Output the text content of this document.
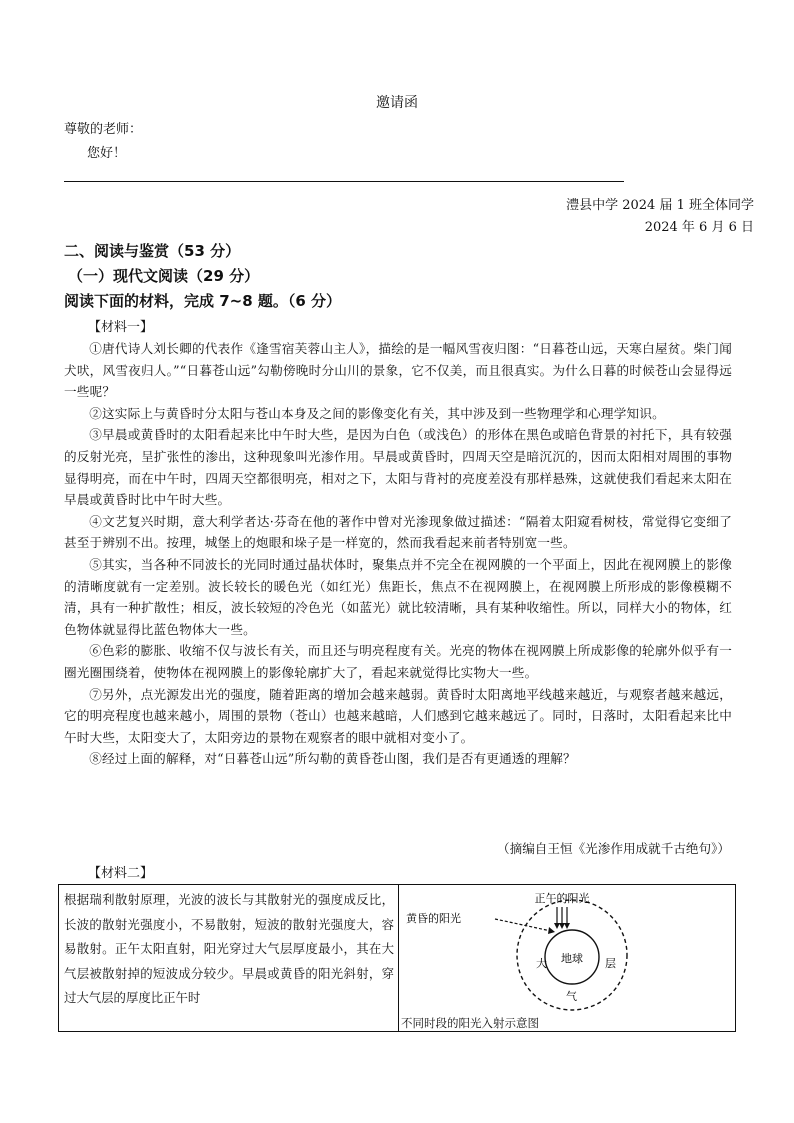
邀请函
尊敬的老师：
您好！
澧县中学 2024 届 1 班全体同学
2024 年 6 月 6 日
二、阅读与鉴赏（53 分）
（一）现代文阅读（29 分）
阅读下面的材料，完成 7~8 题。（6 分）
【材料一】

①唐代诗人刘长卿的代表作《逢雪宿芙蓉山主人》，描绘的是一幅风雪夜归图：“日暮苍山远，天寒白屋贫。柴门闻犬吠，风雪夜归人。”“日暮苍山远”勾勒傍晚时分山川的景象，它不仅美，而且很真实。为什么日暮的时候苍山会显得远一些呢？

②这实际上与黄昏时分太阳与苍山本身及之间的影像变化有关，其中涉及到一些物理学和心理学知识。

③早晨或黄昏时的太阳看起来比中午时大些，是因为白色（或浅色）的形体在黑色或暗色背景的衬托下，具有较强的反射光亮，呈扩张性的渗出，这种现象叫光渗作用。早晨或黄昏时，四周天空是暗沉沉的，因而太阳相对周围的事物显得明亮，而在中午时，四周天空都很明亮，相对之下，太阳与背衬的亮度差没有那样悬殊，这就使我们看起来太阳在早晨或黄昏时比中午时大些。

④文艺复兴时期，意大利学者达·芬奇在他的著作中曾对光渗现象做过描述：“隔着太阳窥看树枝，常觉得它变细了甚至于辨别不出。按理，城堡上的炮眼和垛子是一样宽的，然而我看起来前者特别宽一些。

⑤其实，当各种不同波长的光同时通过晶状体时，聚集点并不完全在视网膜的一个平面上，因此在视网膜上的影像的清晰度就有一定差别。波长较长的暖色光（如红光）焦距长，焦点不在视网膜上，在视网膜上所形成的影像模糊不清，具有一种扩散性；相反，波长较短的冷色光（如蓝光）就比较清晰，具有某种收缩性。所以，同样大小的物体，红色物体就显得比蓝色物体大一些。

⑥色彩的膨胀、收缩不仅与波长有关，而且还与明亮程度有关。光亮的物体在视网膜上所成影像的轮廓外似乎有一圈光圈围绕着，使物体在视网膜上的影像轮廓扩大了，看起来就觉得比实物大一些。

⑦另外，点光源发出光的强度，随着距离的增加会越来越弱。黄昏时太阳离地平线越来越近，与观察者越来越远，它的明亮程度也越来越小，周围的景物（苍山）也越来越暗，人们感到它越来越远了。同时，日落时，太阳看起来比中午时大些，太阳变大了，太阳旁边的景物在观察者的眼中就相对变小了。

⑧经过上面的解释，对“日暮苍山远”所勾勒的黄昏苍山图，我们是否有更通透的理解？

（摘编自王恒《光渗作用成就千古绝句》）
【材料二】
根据瑞利散射原理，光波的波长与其散射光的强度成反比，长波的散射光强度小，不易散射，短波的散射光强度大，容易散射。正午太阳直射，阳光穿过大气层厚度最小，其在大气层被散射掉的短波成分较少。早晨或黄昏的阳光斜射，穿过大气层的厚度比正午时
地球
正午的阳光
黄昏的阳光
大
气
层
不同时段的阳光入射示意图
